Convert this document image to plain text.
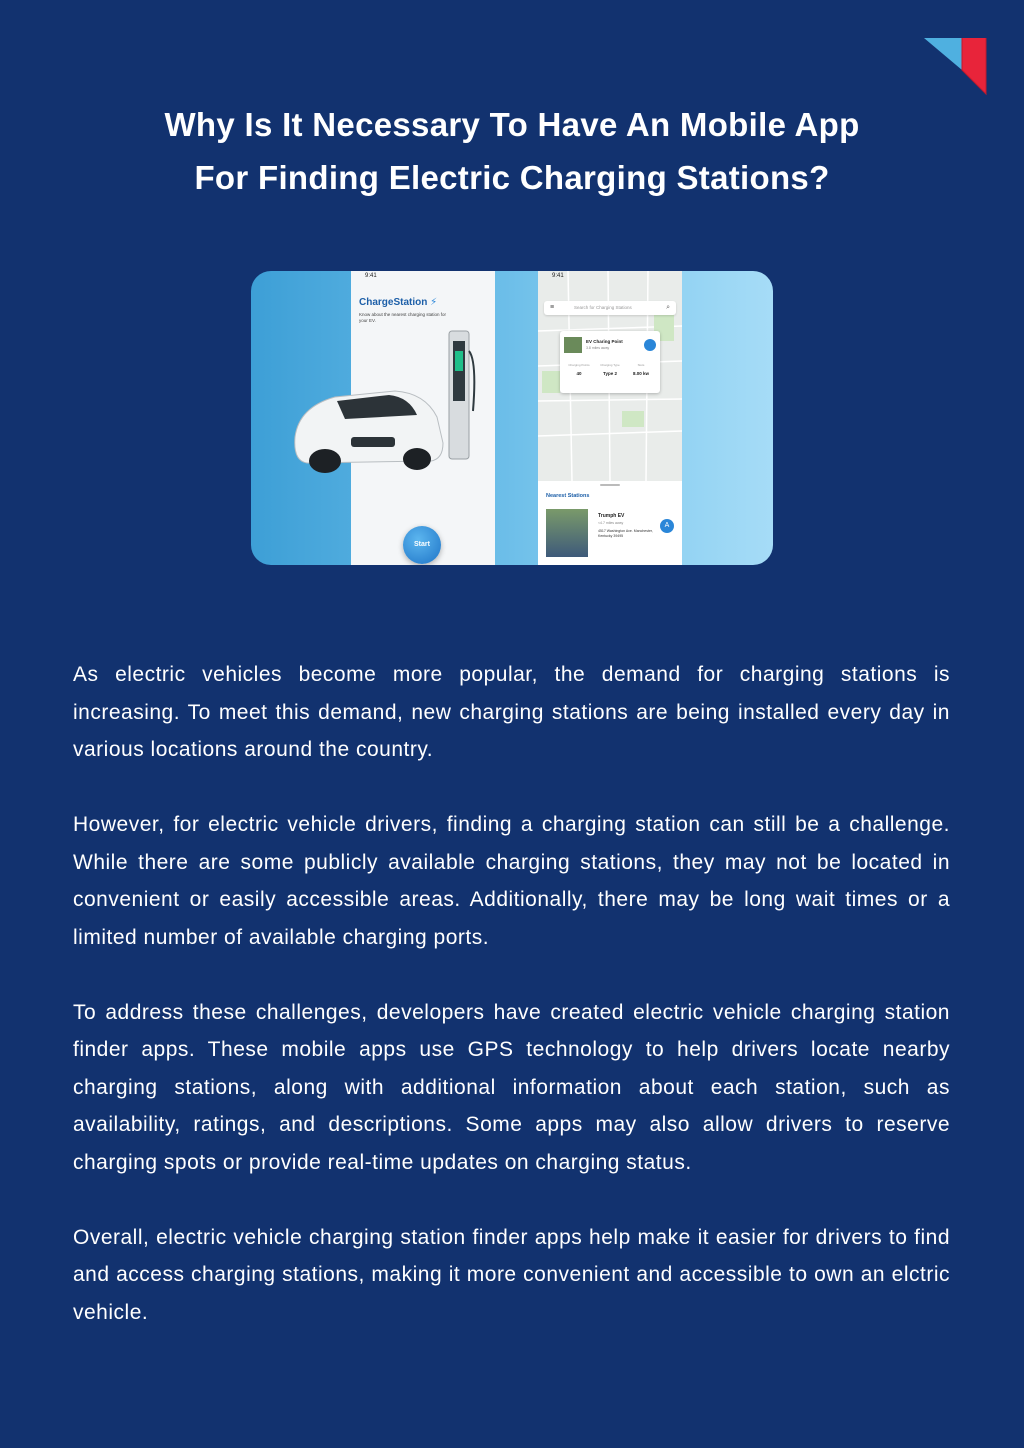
Why Is It Necessary To Have An Mobile App
For Finding Electric Charging Stations?
9:41
ChargeStation ⚡
Know about the nearest charging station for your EV.
Start
9:41
≡	Search for Charging Stations	⌕
EV Charing Point
3.8 miles away
Charging Points
40
Charging Type
Type 2
Slots
8.00 kw
Nearest Stations
Trumph EV
<4.7 miles away
4517 Washington Ave. Manchester, Kentucky 39495
A

As electric vehicles become more popular, the demand for charging stations is increasing. To meet this demand, new charging stations are being installed every day in various locations around the country.

However, for electric vehicle drivers, finding a charging station can still be a challenge. While there are some publicly available charging stations, they may not be located in convenient or easily accessible areas. Additionally, there may be long wait times or a limited number of available charging ports.

To address these challenges, developers have created electric vehicle charging station finder apps. These mobile apps use GPS technology to help drivers locate nearby charging stations, along with additional information about each station, such as availability, ratings, and descriptions. Some apps may also allow drivers to reserve charging spots or provide real-time updates on charging status.

Overall, electric vehicle charging station finder apps help make it easier for drivers to find and access charging stations, making it more convenient and accessible to own an elctric vehicle.
